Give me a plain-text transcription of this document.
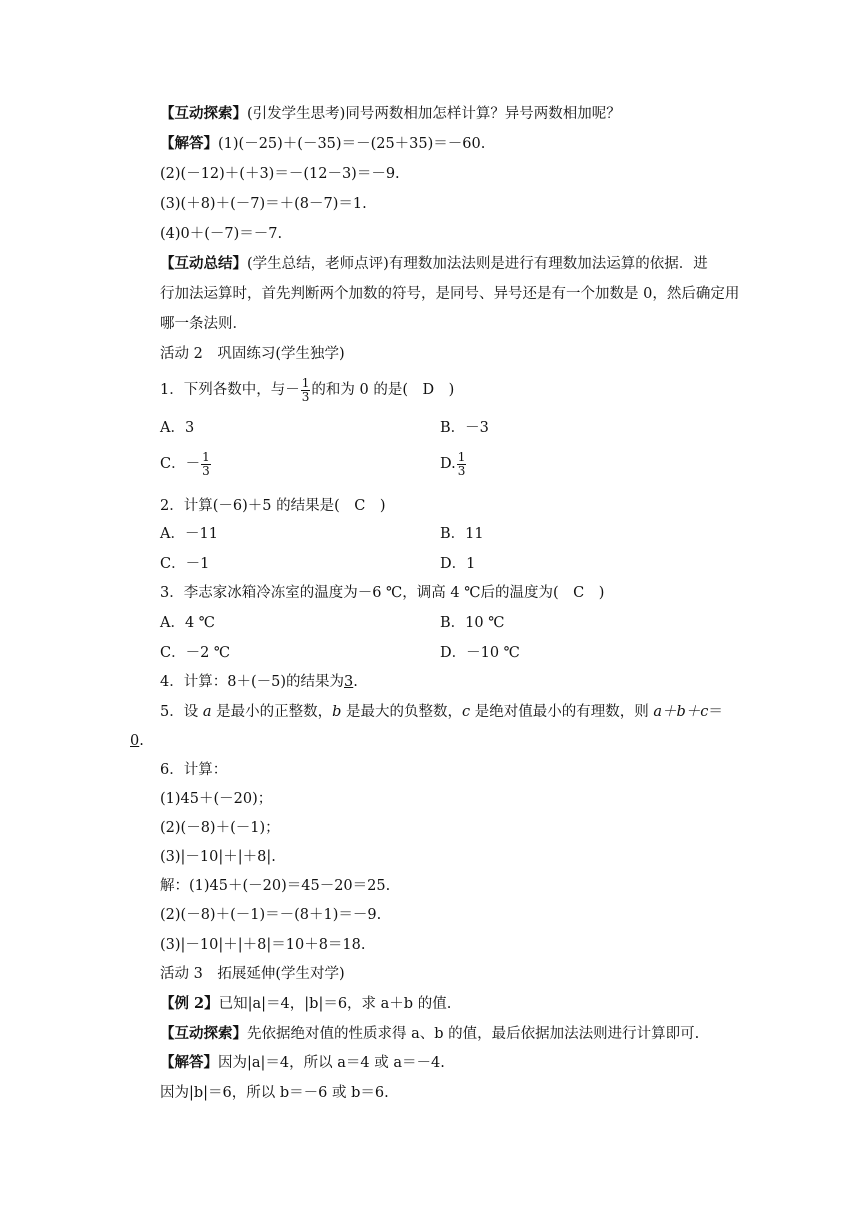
【互动探索】(引发学生思考)同号两数相加怎样计算？异号两数相加呢？
【解答】(1)(－25)＋(－35)＝－(25＋35)＝－60.
(2)(－12)＋(＋3)＝－(12－3)＝－9.
(3)(＋8)＋(－7)＝＋(8－7)＝1.
(4)0＋(－7)＝－7.
【互动总结】(学生总结，老师点评)有理数加法法则是进行有理数加法运算的依据．进
行加法运算时，首先判断两个加数的符号，是同号、异号还是有一个加数是 0，然后确定用
哪一条法则．
活动 2　巩固练习(学生独学)
1．下列各数中，与－ $\frac{1}{3}$ 的和为 0 的是(　D　)
A．3	B．－3
C．－ $\frac{1}{3}$	D. $\frac{1}{3}$
2．计算(－6)＋5 的结果是(　C　)
A．－11	B．11
C．－1	D．1
3．李志家冰箱冷冻室的温度为－6 ℃，调高 4 ℃后的温度为(　C　)
A．4 ℃	B．10 ℃
C．－2 ℃	D．－10 ℃
4．计算：8＋(－5)的结果为3.
5．设 a 是最小的正整数，b 是最大的负整数，c 是绝对值最小的有理数，则 a＋b＋c＝
0.
6．计算：
(1)45＋(－20)；
(2)(－8)＋(－1)；
(3)|－10|＋|＋8|.
解：(1)45＋(－20)＝45－20＝25.
(2)(－8)＋(－1)＝－(8＋1)＝－9.
(3)|－10|＋|＋8|＝10＋8＝18.
活动 3　拓展延伸(学生对学)
【例 2】已知|a|＝4，|b|＝6，求 a＋b 的值.
【互动探索】先依据绝对值的性质求得 a、b 的值，最后依据加法法则进行计算即可.
【解答】因为|a|＝4，所以 a＝4 或 a＝－4.
因为|b|＝6，所以 b＝－6 或 b＝6.
